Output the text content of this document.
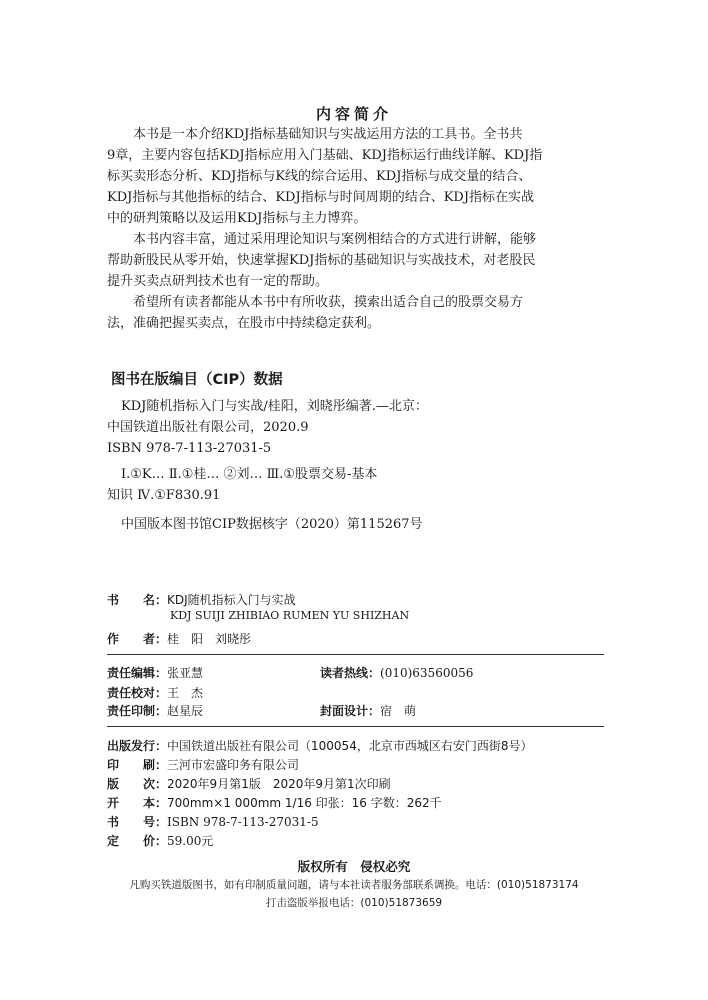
内容简介
本书是一本介绍KDJ指标基础知识与实战运用方法的工具书。全书共
9章，主要内容包括KDJ指标应用入门基础、KDJ指标运行曲线详解、KDJ指
标买卖形态分析、KDJ指标与K线的综合运用、KDJ指标与成交量的结合、
KDJ指标与其他指标的结合、KDJ指标与时间周期的结合、KDJ指标在实战
中的研判策略以及运用KDJ指标与主力博弈。
本书内容丰富，通过采用理论知识与案例相结合的方式进行讲解，能够
帮助新股民从零开始，快速掌握KDJ指标的基础知识与实战技术，对老股民
提升买卖点研判技术也有一定的帮助。
希望所有读者都能从本书中有所收获，摸索出适合自己的股票交易方
法，准确把握买卖点，在股市中持续稳定获利。
图书在版编目（CIP）数据
KDJ随机指标入门与实战/桂阳，刘晓彤编著.—北京：
中国铁道出版社有限公司，2020.9
ISBN 978-7-113-27031-5
Ⅰ.①K… Ⅱ.①桂… ②刘… Ⅲ.①股票交易-基本
知识 Ⅳ.①F830.91
中国版本图书馆CIP数据核字（2020）第115267号
书　　名：KDJ随机指标入门与实战
KDJ SUIJI ZHIBIAO RUMEN YU SHIZHAN
作　　者：桂　阳　刘晓彤
责任编辑：张亚慧	读者热线：(010)63560056
责任校对：王　杰
责任印制：赵星辰	封面设计：宿　萌
出版发行：中国铁道出版社有限公司（100054，北京市西城区右安门西街8号）
印　　刷：三河市宏盛印务有限公司
版　　次：2020年9月第1版　2020年9月第1次印刷
开　　本：700mm×1 000mm 1/16 印张：16 字数：262千
书　　号：ISBN 978-7-113-27031-5
定　　价：59.00元
版权所有　侵权必究
凡购买铁道版图书，如有印制质量问题，请与本社读者服务部联系调换。电话：(010)51873174
打击盗版举报电话：(010)51873659
